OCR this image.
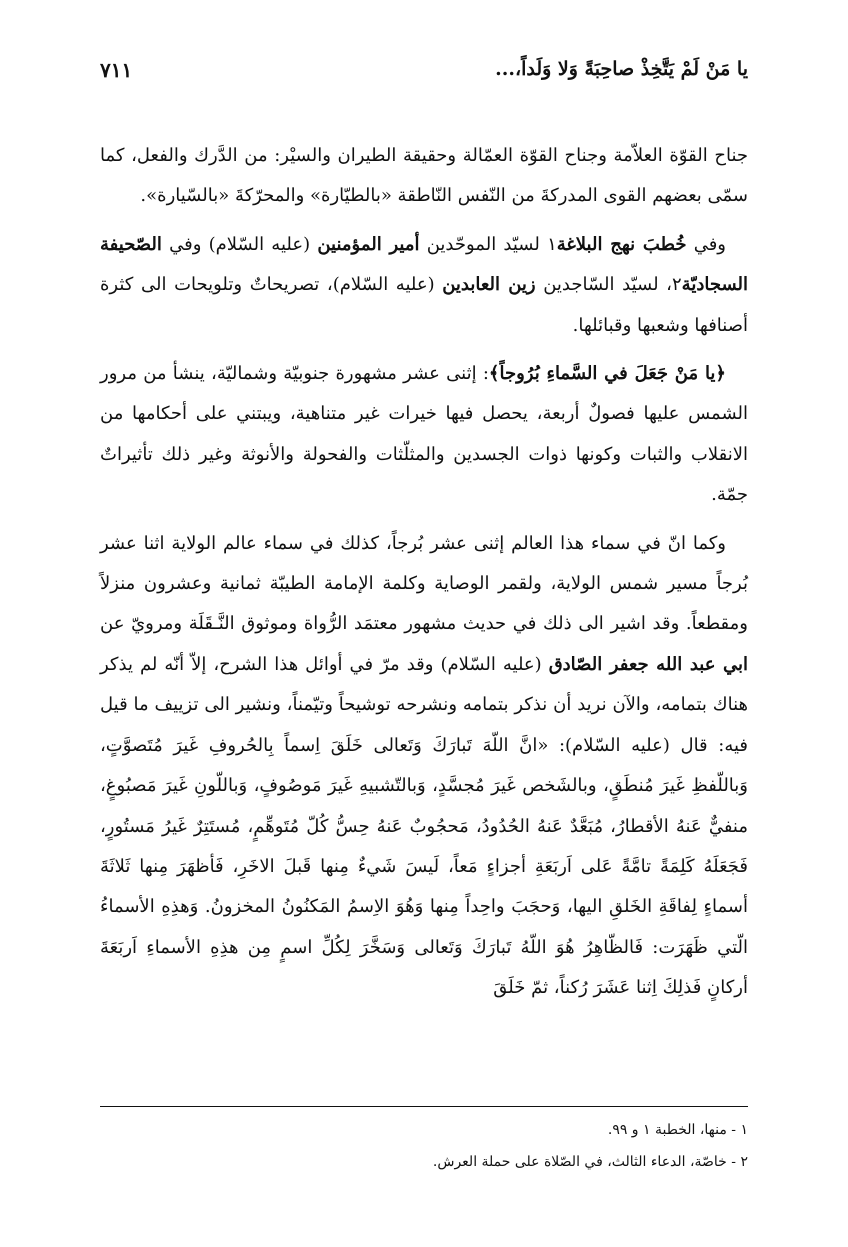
يا مَنْ لَمْ يَتَّخِذْ صاحِبَةً وَلا وَلَداً،...
٧١١

جناح القوّة العلاّمة وجناح القوّة العمّالة وحقيقة الطيران والسيْر: من الدَّرك والفعل، كما سمّى بعضهم القوى المدركةَ من النّفس النّاطقة «بالطيّارة» والمحرّكةَ «بالسّيارة».

وفي خُطبَ نهج البلاغة١ لسيّد الموحّدين أمير المؤمنين (عليه السّلام) وفي الصّحيفة السجاديّة٢، لسيّد السّاجدين زين العابدين (عليه السّلام)، تصريحاتٌ وتلويحات الى كثرة أصنافها وشعبها وقبائلها.

﴿يا مَنْ جَعَلَ في السَّماءِ بُرُوجاً﴾: إثنى عشر مشهورة جنوبيّة وشماليّة، ينشأ من مرور الشمس عليها فصولٌ أربعة، يحصل فيها خيرات غير متناهية، ويبتني على أحكامها من الانقلاب والثبات وكونها ذوات الجسدين والمثلّثات والفحولة والأنوثة وغير ذلك تأثيراتٌ جمّة.

وكما انّ في سماء هذا العالم إثنى عشر بُرجاً، كذلك في سماء عالم الولاية اثنا عشر بُرجاً مسير شمس الولاية، ولقمر الوصاية وكلمة الإمامة الطيبّة ثمانية وعشرون منزلاً ومقطعاً. وقد اشير الى ذلك في حديث مشهور معتمَد الرُّواة وموثوق النَّـقَلَة ومرويّ عن ابي عبد الله جعفر الصّادق (عليه السّلام) وقد مرّ في أوائل هذا الشرح، إلاّ أنّه لم يذكر هناك بتمامه، والآن نريد أن نذكر بتمامه ونشرحه توشيحاً وتيّمناً، ونشير الى تزييف ما قيل فيه: قال (عليه السّلام): «انَّ اللّهَ تَبارَكَ وَتَعالى خَلَقَ اِسماً بِالحُروفِ غَيرَ مُتَصوَّتٍ، وَباللّفظِ غَيرَ مُنطَقٍ، وبالشَخص غَيرَ مُجسَّدٍ، وَبالتّشبيهِ غَيرَ مَوصُوفٍ، وَباللّونِ غَيرَ مَصبُوغٍ، منفيٌّ عَنهُ الأقطارُ، مُبَعَّدٌ عَنهُ الحُدُودُ، مَحجُوبٌ عَنهُ حِسُّ كُلّ مُتَوهِّمٍ، مُستَتِرٌ غَيرُ مَستُورٍ، فَجَعَلَهُ كَلِمَةً تامَّةً عَلى اَربَعَةِ أجزاءٍ مَعاً، لَيسَ شَيءٌ مِنها قَبلَ الاخَرِ، فَأظهَرَ مِنها ثَلاثَةَ أسماءٍ لِفاقَةِ الخَلقِ اليها، وَحجَبَ واحِداً مِنها وَهُوَ الاِسمُ المَكنُونُ المخزونُ. وَهذِهِ الأسماءُ الّتي ظَهَرَت: فَالظّاهِرُ هُوَ اللّهُ تَبارَكَ وَتَعالى وَسَخَّرَ لِكُلِّ اسمٍ مِن هذِهِ الأسماءِ اَربَعَةَ أركانٍ فَذلِكَ اِثنا عَشَرَ رُكناً، ثمّ خَلَقَ

١ - منها، الخطبة ١ و ٩٩.
٢ - خاصّة، الدعاء الثالث، في الصّلاة على حملة العرش.
